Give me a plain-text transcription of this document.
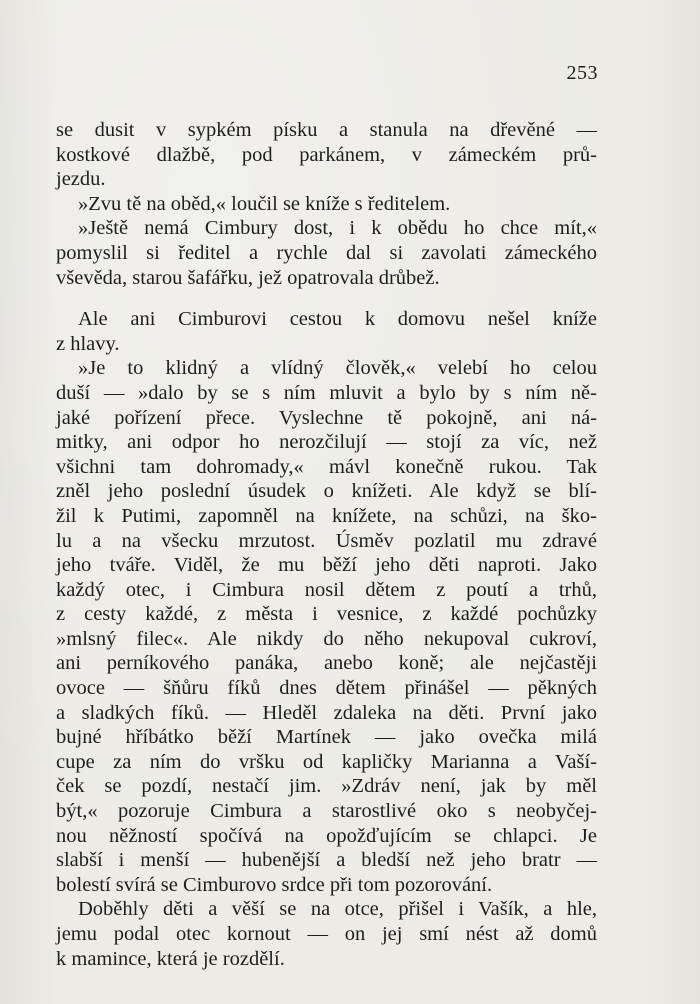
253

se dusit v sypkém písku a stanula na dřevěné —
kostkové dlažbě, pod parkánem, v zámeckém prů-
jezdu.

»Zvu tě na oběd,« loučil se kníže s ředitelem.

»Ještě nemá Cimbury dost, i k obědu ho chce mít,«
pomyslil si ředitel a rychle dal si zavolati zámeckého
vševěda, starou šafářku, jež opatrovala drůbež.

Ale ani Cimburovi cestou k domovu nešel kníže
z hlavy.

»Je to klidný a vlídný člověk,« velebí ho celou
duší — »dalo by se s ním mluvit a bylo by s ním ně-
jaké pořízení přece. Vyslechne tě pokojně, ani ná-
mitky, ani odpor ho nerozčilují — stojí za víc, než
všichni tam dohromady,« mávl konečně rukou. Tak
zněl jeho poslední úsudek o knížeti. Ale když se blí-
žil k Putimi, zapomněl na knížete, na schůzi, na ško-
lu a na všecku mrzutost. Úsměv pozlatil mu zdravé
jeho tváře. Viděl, že mu běží jeho děti naproti. Jako
každý otec, i Cimbura nosil dětem z poutí a trhů,
z cesty každé, z města i vesnice, z každé pochůzky
»mlsný filec«. Ale nikdy do něho nekupoval cukroví,
ani perníkového panáka, anebo koně; ale nejčastěji
ovoce — šňůru fíků dnes dětem přinášel — pěkných
a sladkých fíků. — Hleděl zdaleka na děti. První jako
bujné hříbátko běží Martínek — jako ovečka milá
cupe za ním do vršku od kapličky Marianna a Vaší-
ček se pozdí, nestačí jim. »Zdráv není, jak by měl
být,« pozoruje Cimbura a starostlivé oko s neobyčej-
nou něžností spočívá na opožďujícím se chlapci. Je
slabší i menší — hubenější a bledší než jeho bratr —
bolestí svírá se Cimburovo srdce při tom pozorování.

Doběhly děti a věší se na otce, přišel i Vašík, a hle,
jemu podal otec kornout — on jej smí nést až domů
k mamince, která je rozdělí.
